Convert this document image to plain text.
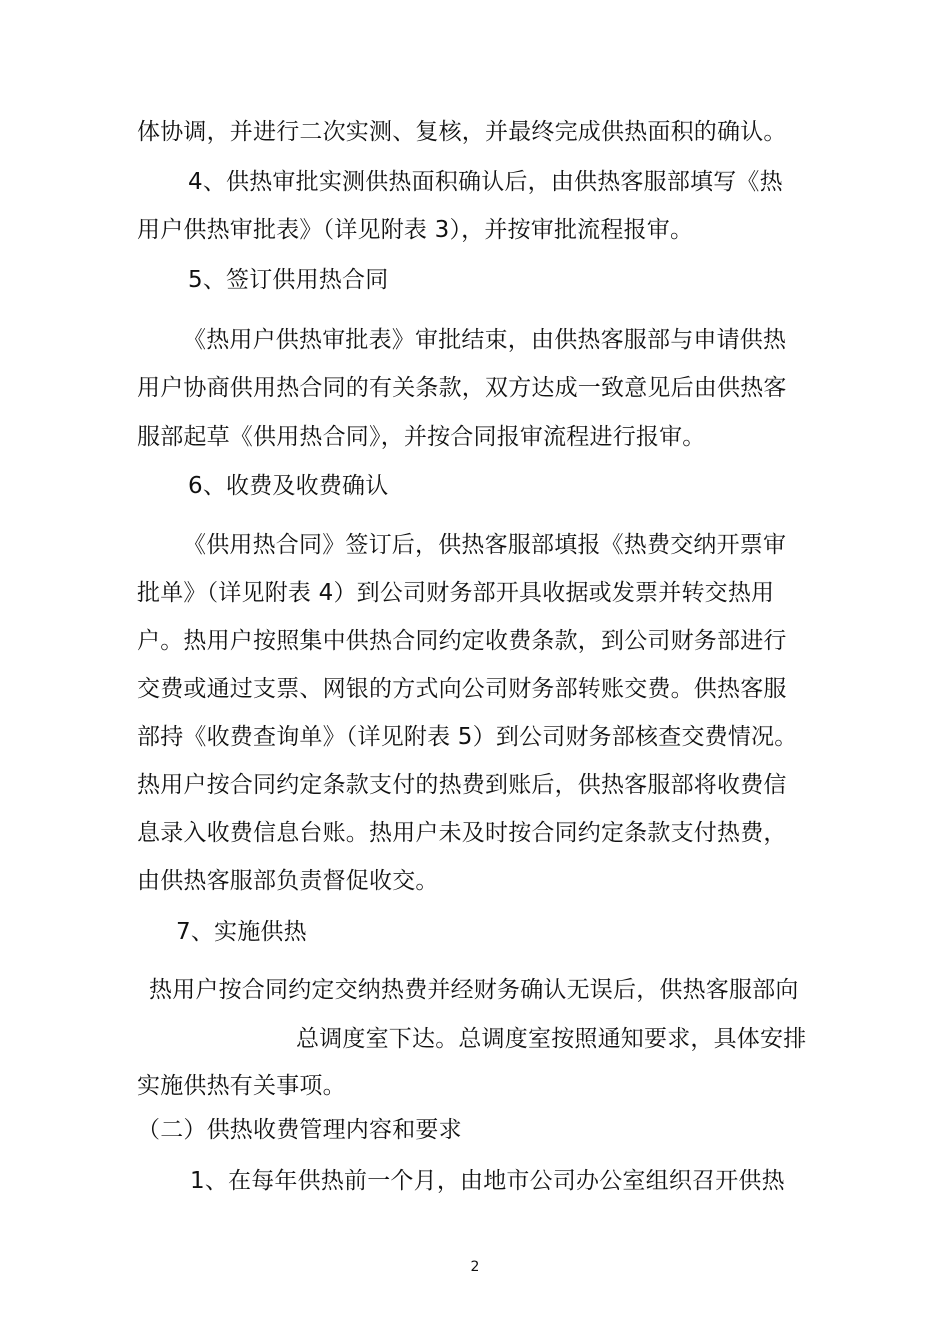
体协调，并进行二次实测、复核，并最终完成供热面积的确认。
4、供热审批实测供热面积确认后，由供热客服部填写《热
用户供热审批表》（详见附表 3），并按审批流程报审。
5、签订供用热合同
《热用户供热审批表》审批结束，由供热客服部与申请供热
用户协商供用热合同的有关条款，双方达成一致意见后由供热客
服部起草《供用热合同》，并按合同报审流程进行报审。
6、收费及收费确认
《供用热合同》签订后，供热客服部填报《热费交纳开票审
批单》（详见附表 4）到公司财务部开具收据或发票并转交热用
户。热用户按照集中供热合同约定收费条款，到公司财务部进行
交费或通过支票、网银的方式向公司财务部转账交费。供热客服
部持《收费查询单》（详见附表 5）到公司财务部核查交费情况。
热用户按合同约定条款支付的热费到账后，供热客服部将收费信
息录入收费信息台账。热用户未及时按合同约定条款支付热费，
由供热客服部负责督促收交。
7、实施供热
热用户按合同约定交纳热费并经财务确认无误后，供热客服部向
总调度室下达。总调度室按照通知要求，具体安排
实施供热有关事项。
（二）供热收费管理内容和要求
1、在每年供热前一个月，由地市公司办公室组织召开供热
2
